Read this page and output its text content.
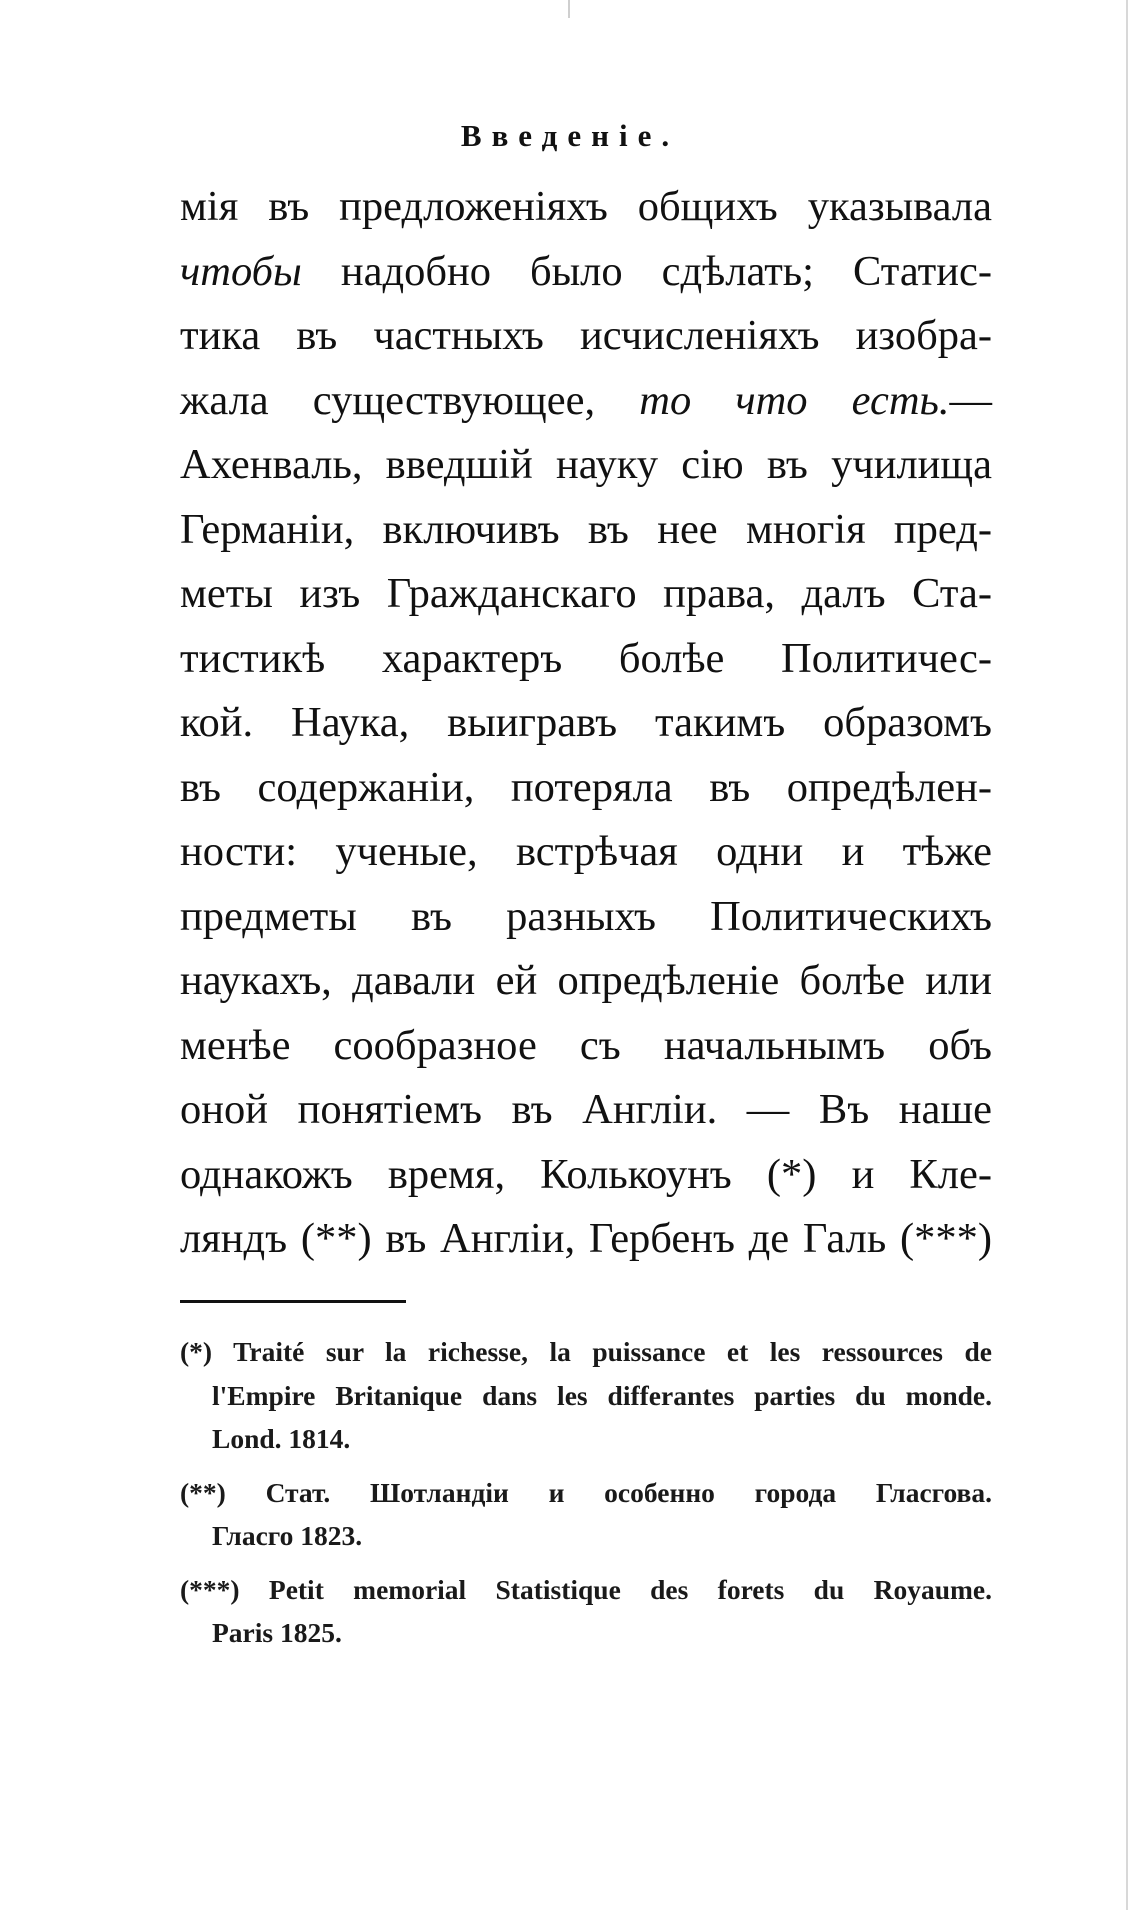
Введеніе.
мія въ предложеніяхъ общихъ указывала
чтобы надобно было сдѣлать; Статис-
тика въ частныхъ исчисленіяхъ изобра-
жала существующее, то что есть.—
Ахенваль, введшій науку сію въ училища
Германіи, включивъ въ нее многія пред-
меты изъ Гражданскаго права, далъ Ста-
тистикѣ характеръ болѣе Политичес-
кой. Наука, выигравъ такимъ образомъ
въ содержаніи, потеряла въ опредѣлен-
ности: ученые, встрѣчая одни и тѣже
предметы въ разныхъ Политическихъ
наукахъ, давали ей опредѣленіе болѣе или
менѣе сообразное съ начальнымъ объ
оной понятіемъ въ Англіи. — Въ наше
однакожъ время, Колькоунъ (*) и Кле-
ляндъ (**) въ Англіи, Гербенъ де Галь (***)
(*) Traité sur la richesse, la puissance et les ressources de
l'Empire Britanique dans les differantes parties du monde.
Lond. 1814.
(**) Стат. Шотландіи и особенно города Гласгова.
Гласго 1823.
(***) Petit memorial Statistique des forets du Royaume.
Paris 1825.
